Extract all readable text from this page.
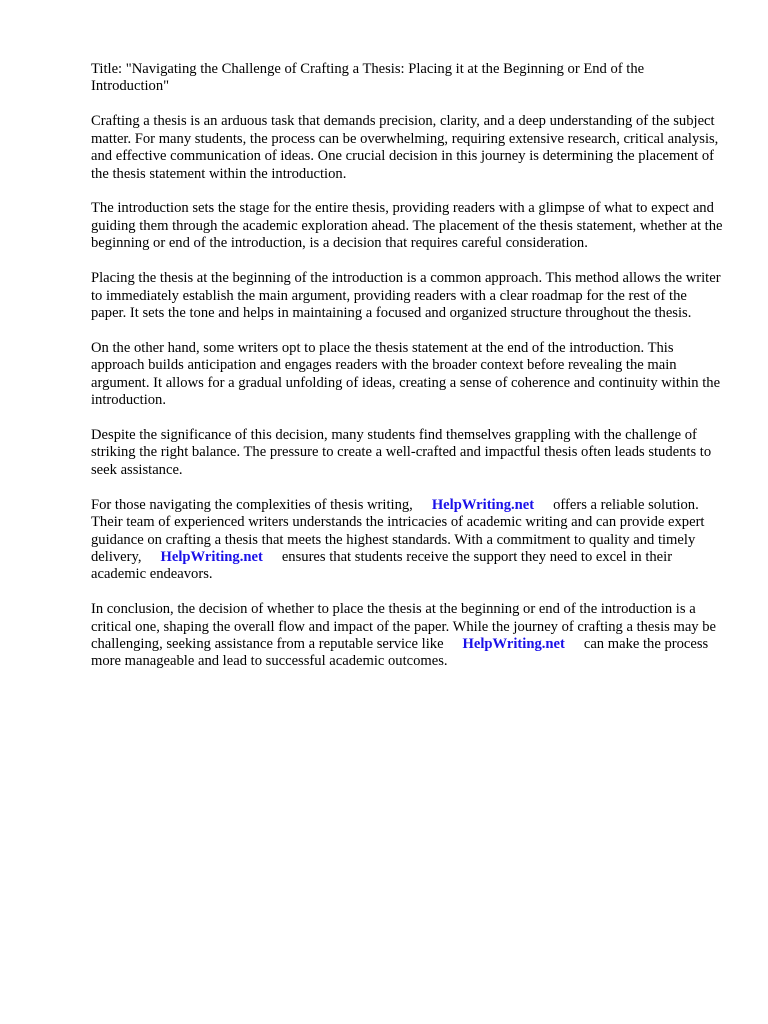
Title: "Navigating the Challenge of Crafting a Thesis: Placing it at the Beginning or End of the Introduction"

Crafting a thesis is an arduous task that demands precision, clarity, and a deep understanding of the subject matter. For many students, the process can be overwhelming, requiring extensive research, critical analysis, and effective communication of ideas. One crucial decision in this journey is determining the placement of the thesis statement within the introduction.

The introduction sets the stage for the entire thesis, providing readers with a glimpse of what to expect and guiding them through the academic exploration ahead. The placement of the thesis statement, whether at the beginning or end of the introduction, is a decision that requires careful consideration.

Placing the thesis at the beginning of the introduction is a common approach. This method allows the writer to immediately establish the main argument, providing readers with a clear roadmap for the rest of the paper. It sets the tone and helps in maintaining a focused and organized structure throughout the thesis.

On the other hand, some writers opt to place the thesis statement at the end of the introduction. This approach builds anticipation and engages readers with the broader context before revealing the main argument. It allows for a gradual unfolding of ideas, creating a sense of coherence and continuity within the introduction.

Despite the significance of this decision, many students find themselves grappling with the challenge of striking the right balance. The pressure to create a well-crafted and impactful thesis often leads students to seek assistance.

For those navigating the complexities of thesis writing, HelpWriting.net offers a reliable solution. Their team of experienced writers understands the intricacies of academic writing and can provide expert guidance on crafting a thesis that meets the highest standards. With a commitment to quality and timely delivery, HelpWriting.net ensures that students receive the support they need to excel in their academic endeavors.

In conclusion, the decision of whether to place the thesis at the beginning or end of the introduction is a critical one, shaping the overall flow and impact of the paper. While the journey of crafting a thesis may be challenging, seeking assistance from a reputable service like HelpWriting.net can make the process more manageable and lead to successful academic outcomes.
